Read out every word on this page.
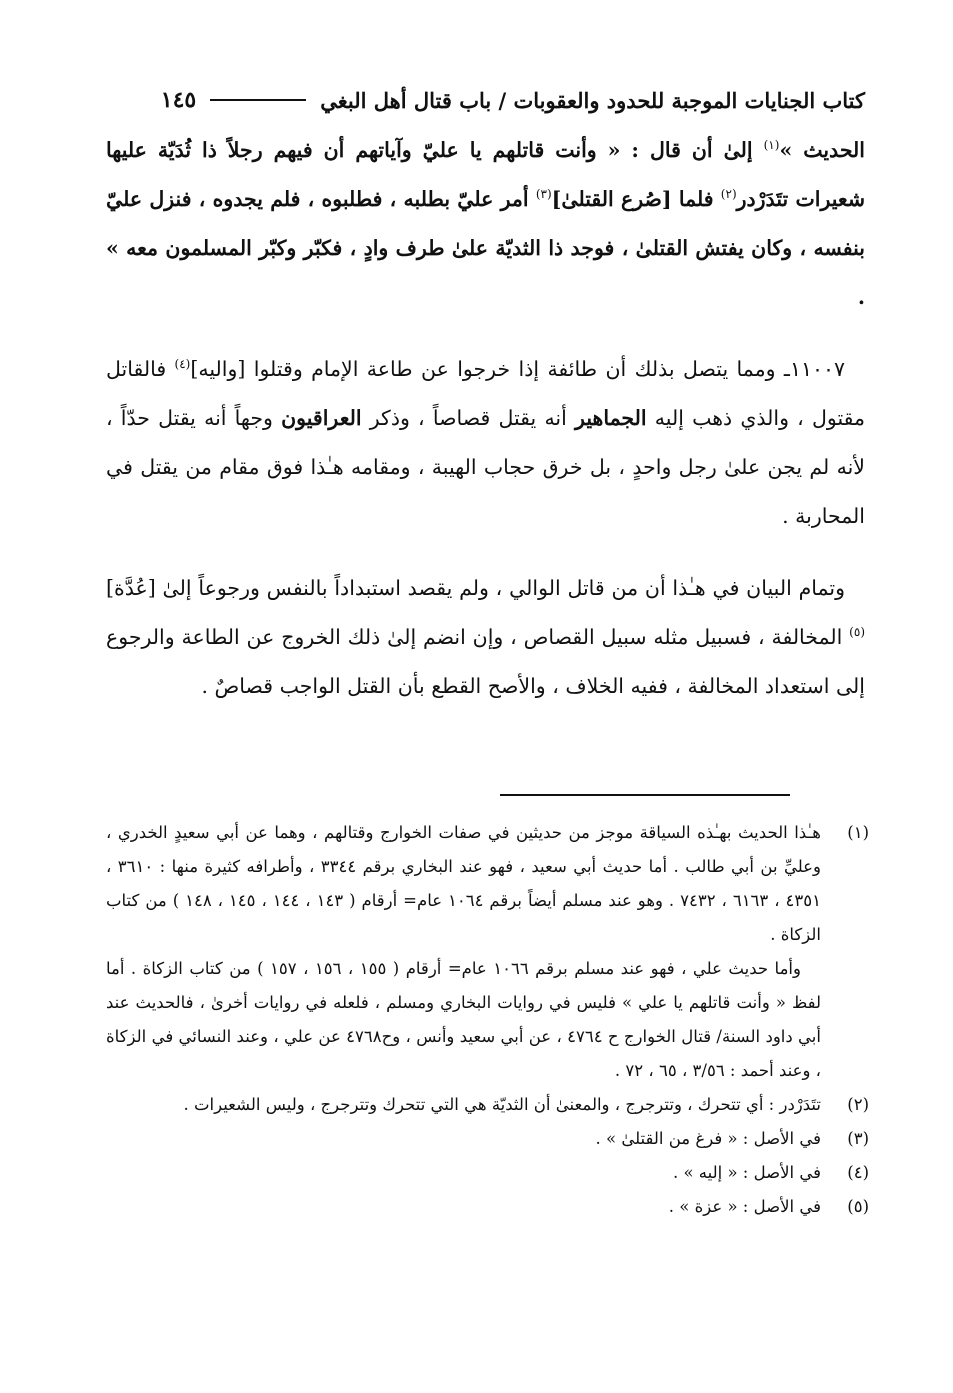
كتاب الجنايات الموجبة للحدود والعقوبات / باب قتال أهل البغي
١٤٥

الحديث »$^{(١)}$ إلىٰ أن قال : « وأنت قاتلهم يا عليّ وآياتهم أن فيهم رجلاً ذا ثُدَيّة عليها شعيرات تتَدَرْدر$^{(٢)}$ فلما [صُرع القتلىٰ]$^{(٣)}$ أمر عليّ بطلبه ، فطلبوه ، فلم يجدوه ، فنزل عليّ بنفسه ، وكان يفتش القتلىٰ ، فوجد ذا الثديّة علىٰ طرف وادٍ ، فكبّر وكبّر المسلمون معه » .

١١٠٠٧ـ ومما يتصل بذلك أن طائفة إذا خرجوا عن طاعة الإمام وقتلوا [واليه]$^{(٤)}$ فالقاتل مقتول ، والذي ذهب إليه الجماهير أنه يقتل قصاصاً ، وذكر العراقيون وجهاً أنه يقتل حدّاً ، لأنه لم يجن علىٰ رجل واحدٍ ، بل خرق حجاب الهيبة ، ومقامه هـٰذا فوق مقام من يقتل في المحاربة .

وتمام البيان في هـٰذا أن من قاتل الوالي ، ولم يقصد استبداداً بالنفس ورجوعاً إلىٰ [عُدَّة]$^{(٥)}$ المخالفة ، فسبيل مثله سبيل القصاص ، وإن انضم إلىٰ ذلك الخروج عن الطاعة والرجوع إلى استعداد المخالفة ، ففيه الخلاف ، والأصح القطع بأن القتل الواجب قصاصٌ .

(١)

هـٰذا الحديث بهـٰذه السياقة موجز من حديثين في صفات الخوارج وقتالهم ، وهما عن أبي سعيدٍ الخدري ، وعليِّ بن أبي طالب . أما حديث أبي سعيد ، فهو عند البخاري برقم ٣٣٤٤ ، وأطرافه كثيرة منها : ٣٦١٠ ، ٤٣٥١ ، ٦١٦٣ ، ٧٤٣٢ . وهو عند مسلم أيضاً برقم ١٠٦٤ عام= أرقام ( ١٤٣ ، ١٤٤ ، ١٤٥ ، ١٤٨ ) من كتاب الزكاة .

وأما حديث علي ، فهو عند مسلم برقم ١٠٦٦ عام= أرقام ( ١٥٥ ، ١٥٦ ، ١٥٧ ) من كتاب الزكاة . أما لفظ « وأنت قاتلهم يا علي » فليس في روايات البخاري ومسلم ، فلعله في روايات أخرىٰ ، فالحديث عند أبي داود السنة/ قتال الخوارج ح ٤٧٦٤ ، عن أبي سعيد وأنس ، وح٤٧٦٨ عن علي ، وعند النسائي في الزكاة ، وعند أحمد : ٣/٥٦ ، ٦٥ ، ٧٢ .

(٢)

تتَدَرْدر : أي تتحرك ، وتترجرج ، والمعنىٰ أن الثديّة هي التي تتحرك وتترجرج ، وليس الشعيرات .

(٣)

في الأصل : « فرغ من القتلىٰ » .

(٤)

في الأصل : « إليه » .

(٥)

في الأصل : « عزة » .
